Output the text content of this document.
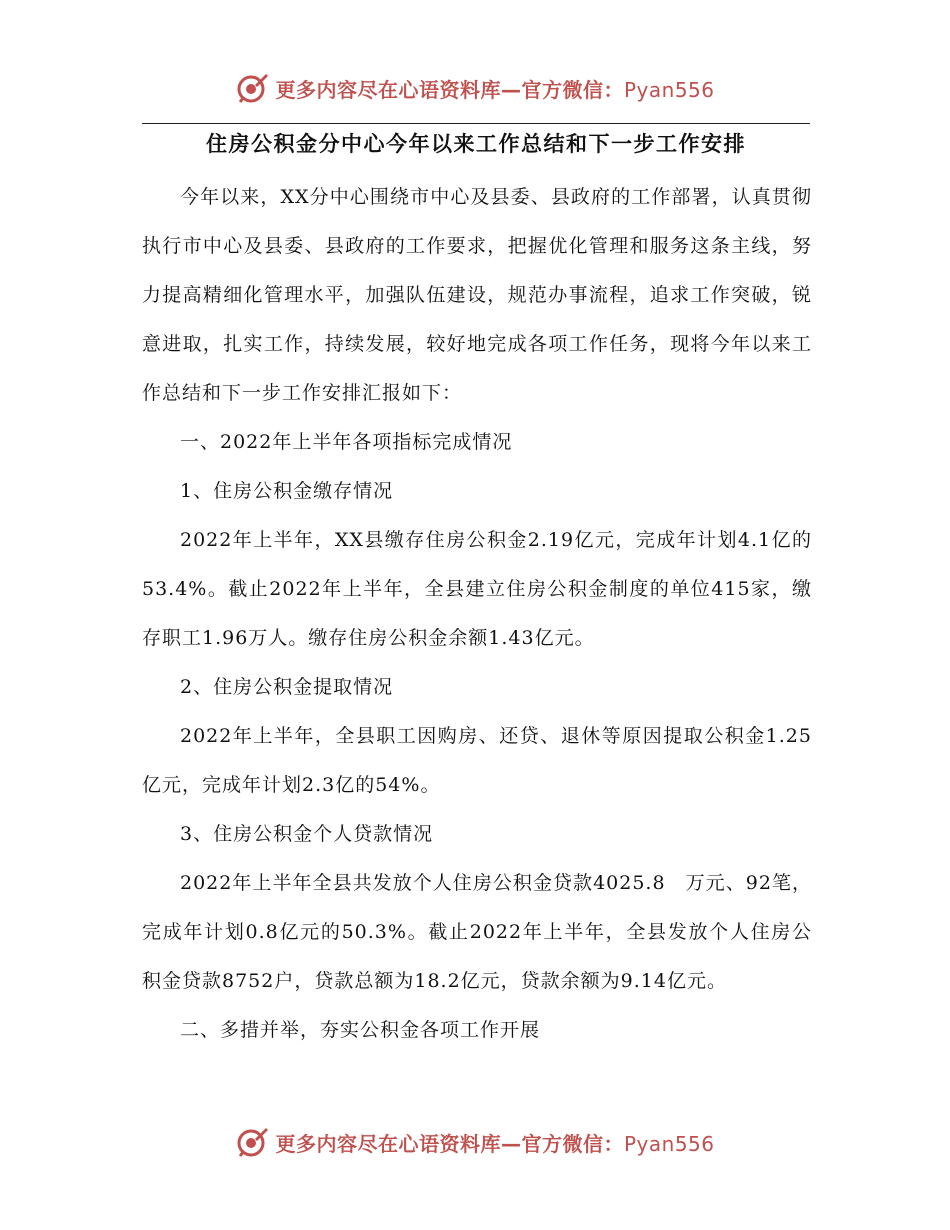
更多内容尽在心语资料库—官方微信：Pyan556
住房公积金分中心今年以来工作总结和下一步工作安排

今年以来，XX分中心围绕市中心及县委、县政府的工作部署，认真贯彻执行市中心及县委、县政府的工作要求，把握优化管理和服务这条主线，努力提高精细化管理水平，加强队伍建设，规范办事流程，追求工作突破，锐意进取，扎实工作，持续发展，较好地完成各项工作任务，现将今年以来工作总结和下一步工作安排汇报如下：

一、2022年上半年各项指标完成情况

1、住房公积金缴存情况

2022年上半年，XX县缴存住房公积金2.19亿元，完成年计划4.1亿的53.4%。截止2022年上半年，全县建立住房公积金制度的单位415家，缴存职工1.96万人。缴存住房公积金余额1.43亿元。

2、住房公积金提取情况

2022年上半年，全县职工因购房、还贷、退休等原因提取公积金1.25亿元，完成年计划2.3亿的54%。

3、住房公积金个人贷款情况

2022年上半年全县共发放个人住房公积金贷款4025.8　万元、92笔，完成年计划0.8亿元的50.3%。截止2022年上半年，全县发放个人住房公积金贷款8752户，贷款总额为18.2亿元，贷款余额为9.14亿元。

二、多措并举，夯实公积金各项工作开展

更多内容尽在心语资料库—官方微信：Pyan556
